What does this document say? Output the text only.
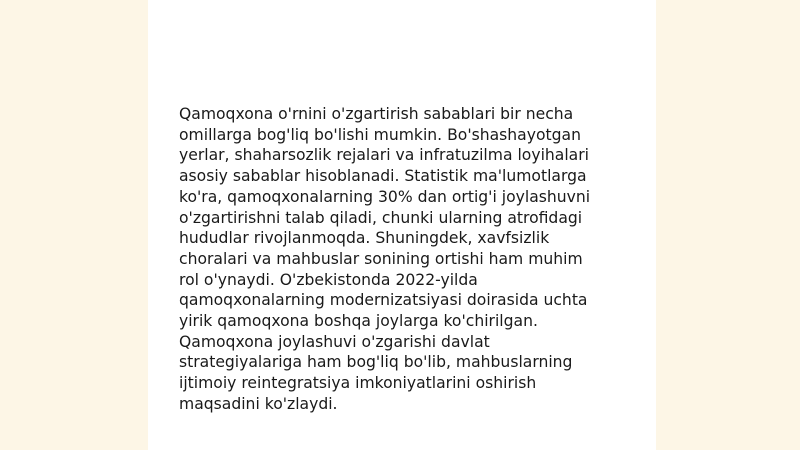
Qamoqxona o'rnini o'zgartirish sabablari bir necha
omillarga bog'liq bo'lishi mumkin. Bo'shashayotgan
yerlar, shaharsozlik rejalari va infratuzilma loyihalari
asosiy sabablar hisoblanadi. Statistik ma'lumotlarga
ko'ra, qamoqxonalarning 30% dan ortig'i joylashuvni
o'zgartirishni talab qiladi, chunki ularning atrofidagi
hududlar rivojlanmoqda. Shuningdek, xavfsizlik
choralari va mahbuslar sonining ortishi ham muhim
rol o'ynaydi. O'zbekistonda 2022-yilda
qamoqxonalarning modernizatsiyasi doirasida uchta
yirik qamoqxona boshqa joylarga ko'chirilgan.
Qamoqxona joylashuvi o'zgarishi davlat
strategiyalariga ham bog'liq bo'lib, mahbuslarning
ijtimoiy reintegratsiya imkoniyatlarini oshirish
maqsadini ko'zlaydi.
